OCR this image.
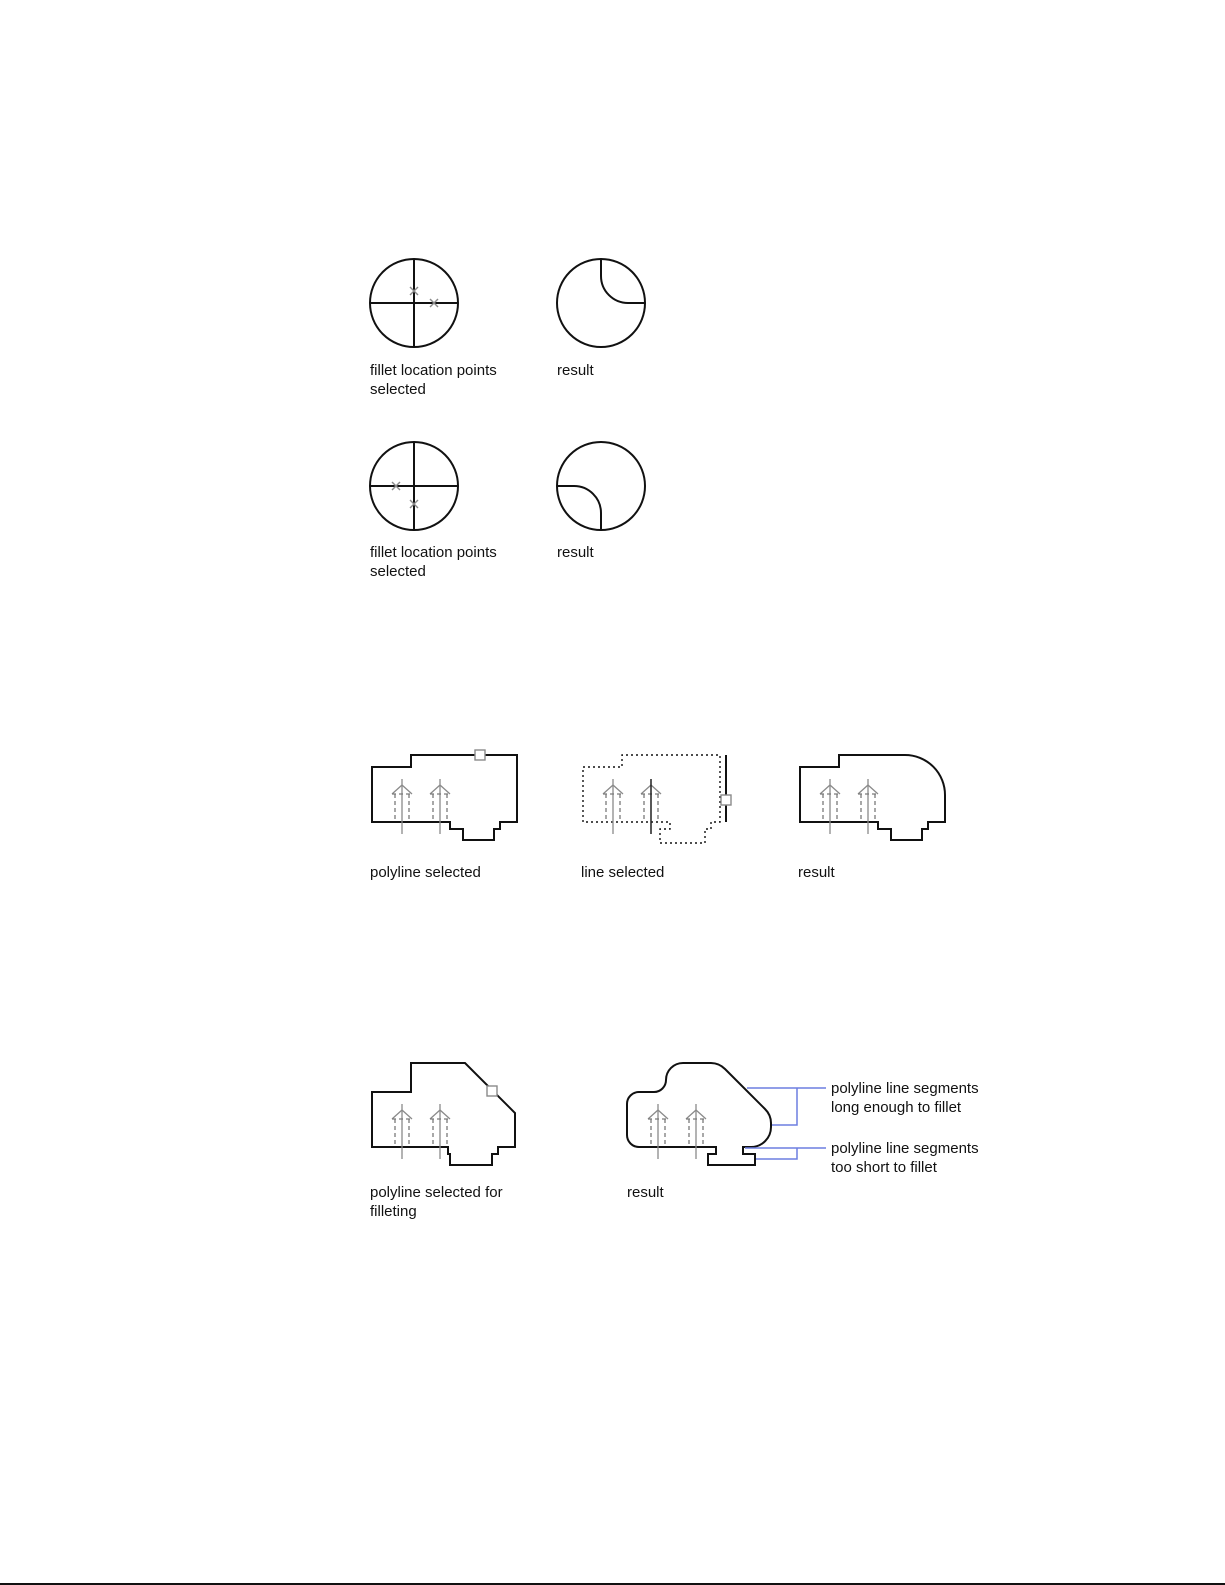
fillet location points
selected
result
fillet location points
selected
result
polyline selected	line selected	result
polyline selected for
filleting
result
polyline line segments
long enough to fillet
polyline line segments
too short to fillet
